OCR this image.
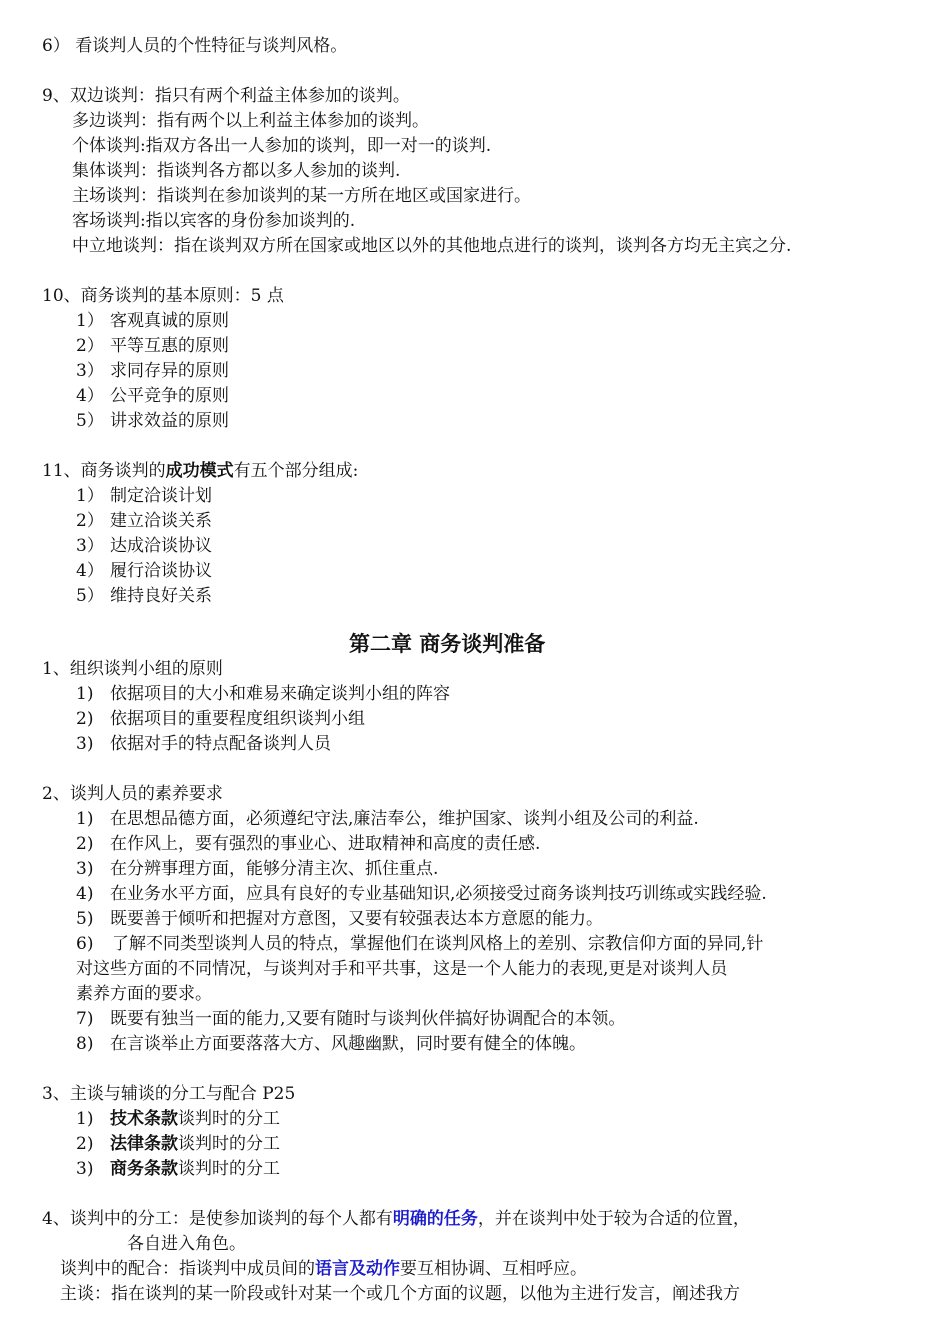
6） 看谈判人员的个性特征与谈判风格。
9、双边谈判：指只有两个利益主体参加的谈判。
多边谈判：指有两个以上利益主体参加的谈判。
个体谈判:指双方各出一人参加的谈判，即一对一的谈判.
集体谈判：指谈判各方都以多人参加的谈判.
主场谈判：指谈判在参加谈判的某一方所在地区或国家进行。
客场谈判:指以宾客的身份参加谈判的.
中立地谈判：指在谈判双方所在国家或地区以外的其他地点进行的谈判，谈判各方均无主宾之分.
10、商务谈判的基本原则：5 点
1） 客观真诚的原则
2） 平等互惠的原则
3） 求同存异的原则
4） 公平竞争的原则
5） 讲求效益的原则
11、商务谈判的成功模式有五个部分组成:
1） 制定洽谈计划
2） 建立洽谈关系
3） 达成洽谈协议
4） 履行洽谈协议
5） 维持良好关系
第二章 商务谈判准备
1、组织谈判小组的原则
1) 依据项目的大小和难易来确定谈判小组的阵容
2) 依据项目的重要程度组织谈判小组
3) 依据对手的特点配备谈判人员
2、谈判人员的素养要求
1) 在思想品德方面，必须遵纪守法,廉洁奉公，维护国家、谈判小组及公司的利益.
2) 在作风上，要有强烈的事业心、进取精神和高度的责任感.
3) 在分辨事理方面，能够分清主次、抓住重点.
4) 在业务水平方面，应具有良好的专业基础知识,必须接受过商务谈判技巧训练或实践经验.
5) 既要善于倾听和把握对方意图，又要有较强表达本方意愿的能力。
6) 了解不同类型谈判人员的特点，掌握他们在谈判风格上的差别、宗教信仰方面的异同,针
对这些方面的不同情况，与谈判对手和平共事，这是一个人能力的表现,更是对谈判人员
素养方面的要求。
7) 既要有独当一面的能力,又要有随时与谈判伙伴搞好协调配合的本领。
8) 在言谈举止方面要落落大方、风趣幽默，同时要有健全的体魄。
3、主谈与辅谈的分工与配合 P25
1) 技术条款谈判时的分工
2) 法律条款谈判时的分工
3) 商务条款谈判时的分工
4、谈判中的分工：是使参加谈判的每个人都有明确的任务，并在谈判中处于较为合适的位置，
各自进入角色。
谈判中的配合：指谈判中成员间的语言及动作要互相协调、互相呼应。
主谈：指在谈判的某一阶段或针对某一个或几个方面的议题，以他为主进行发言，阐述我方
